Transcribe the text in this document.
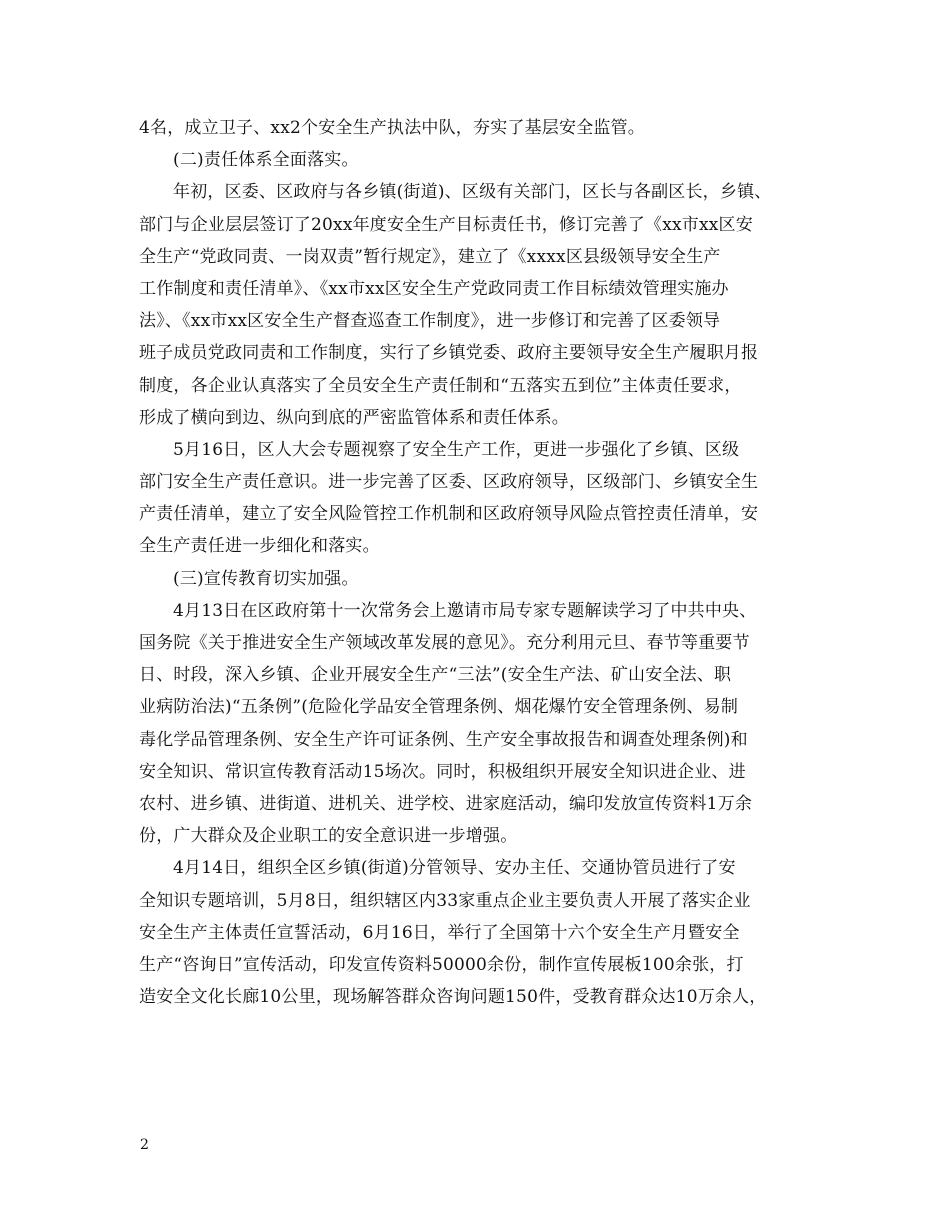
4名，成立卫子、xx2个安全生产执法中队，夯实了基层安全监管。
(二)责任体系全面落实。
年初，区委、区政府与各乡镇(街道)、区级有关部门，区长与各副区长，乡镇、
部门与企业层层签订了20xx年度安全生产目标责任书，修订完善了《xx市xx区安
全生产“党政同责、一岗双责”暂行规定》，建立了《xxxx区县级领导安全生产
工作制度和责任清单》、《xx市xx区安全生产党政同责工作目标绩效管理实施办
法》、《xx市xx区安全生产督查巡查工作制度》，进一步修订和完善了区委领导
班子成员党政同责和工作制度，实行了乡镇党委、政府主要领导安全生产履职月报
制度，各企业认真落实了全员安全生产责任制和“五落实五到位”主体责任要求，
形成了横向到边、纵向到底的严密监管体系和责任体系。
5月16日，区人大会专题视察了安全生产工作，更进一步强化了乡镇、区级
部门安全生产责任意识。进一步完善了区委、区政府领导，区级部门、乡镇安全生
产责任清单，建立了安全风险管控工作机制和区政府领导风险点管控责任清单，安
全生产责任进一步细化和落实。
(三)宣传教育切实加强。
4月13日在区政府第十一次常务会上邀请市局专家专题解读学习了中共中央、
国务院《关于推进安全生产领域改革发展的意见》。充分利用元旦、春节等重要节
日、时段，深入乡镇、企业开展安全生产“三法”(安全生产法、矿山安全法、职
业病防治法)“五条例”(危险化学品安全管理条例、烟花爆竹安全管理条例、易制
毒化学品管理条例、安全生产许可证条例、生产安全事故报告和调查处理条例)和
安全知识、常识宣传教育活动15场次。同时，积极组织开展安全知识进企业、进
农村、进乡镇、进街道、进机关、进学校、进家庭活动，编印发放宣传资料1万余
份，广大群众及企业职工的安全意识进一步增强。
4月14日，组织全区乡镇(街道)分管领导、安办主任、交通协管员进行了安
全知识专题培训，5月8日，组织辖区内33家重点企业主要负责人开展了落实企业
安全生产主体责任宣誓活动，6月16日，举行了全国第十六个安全生产月暨安全
生产“咨询日”宣传活动，印发宣传资料50000余份，制作宣传展板100余张，打
造安全文化长廊10公里，现场解答群众咨询问题150件，受教育群众达10万余人，
2
